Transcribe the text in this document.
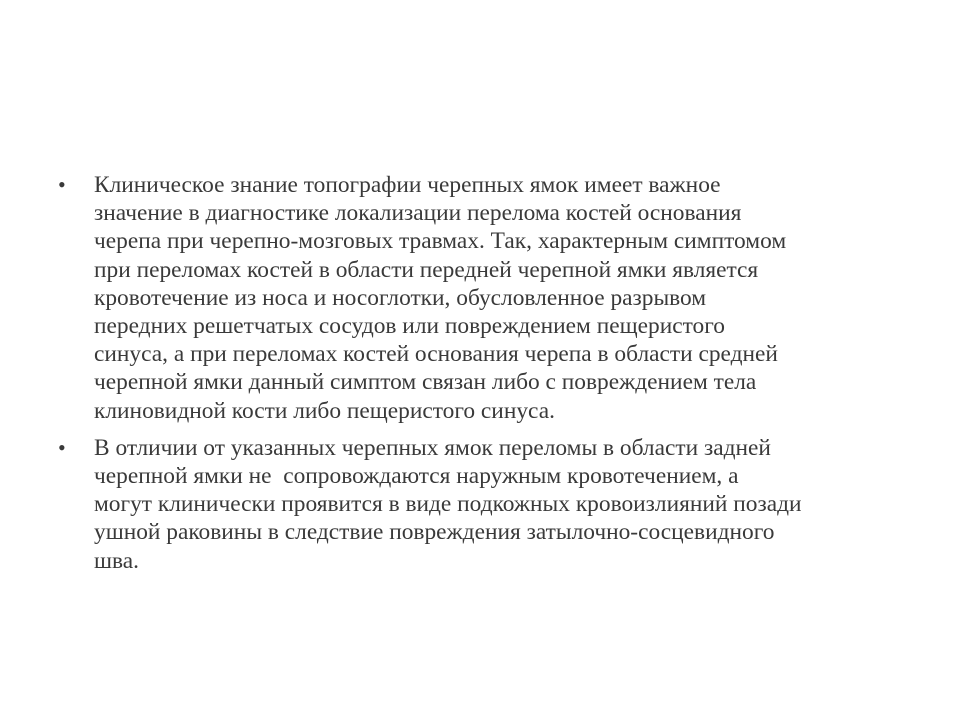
• Клиническое знание топографии черепных ямок имеет важное
значение в диагностике локализации перелома костей основания
черепа при черепно-мозговых травмах. Так, характерным симптомом
при переломах костей в области передней черепной ямки является
кровотечение из носа и носоглотки, обусловленное разрывом
передних решетчатых сосудов или повреждением пещеристого
синуса, а при переломах костей основания черепа в области средней
черепной ямки данный симптом связан либо с повреждением тела
клиновидной кости либо пещеристого синуса.
• В отличии от указанных черепных ямок переломы в области задней
черепной ямки не  сопровождаются наружным кровотечением, а
могут клинически проявится в виде подкожных кровоизлияний позади
ушной раковины в следствие повреждения затылочно-сосцевидного
шва.
